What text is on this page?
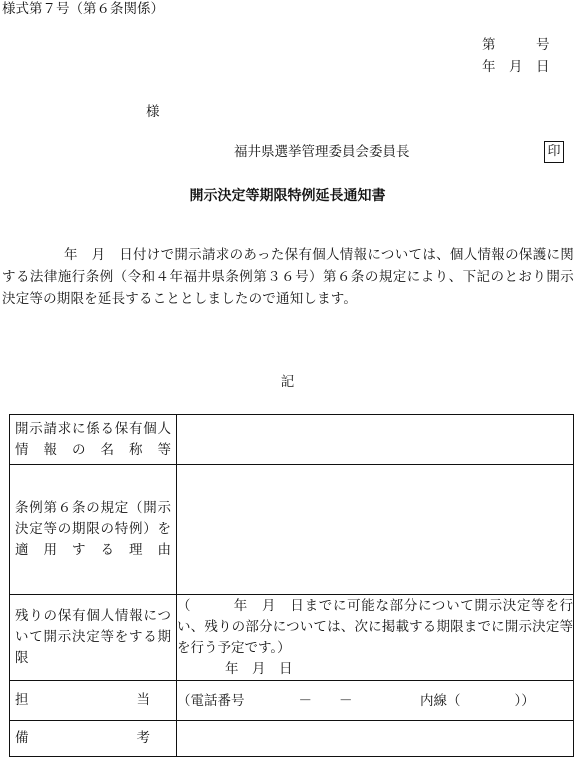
様式第７号（第６条関係）
第　　　号
年　月　日
様
福井県選挙管理委員会委員長	印
開示決定等期限特例延長通知書
年　月　日付けで開示請求のあった保有個人情報については、個人情報の保護に関する法律施行条例（令和４年福井県条例第３６号）第６条の規定により、下記のとおり開示決定等の期限を延長することとしましたので通知します。
記
開示請求に係る保有個人情報の名称等	
条例第６条の規定（開示決定等の期限の特例）を適用する理由	
残りの保有個人情報について開示決定等をする期限	（　　　年　月　日までに可能な部分について開示決定等を行い、残りの部分については、次に掲載する期限までに開示決定等を行う予定です。）
年　月　日

担　　　　　　　　当	（電話番号　　　　－　　－　　　　　内線（　　　　））
備　　　　　　　　考	
